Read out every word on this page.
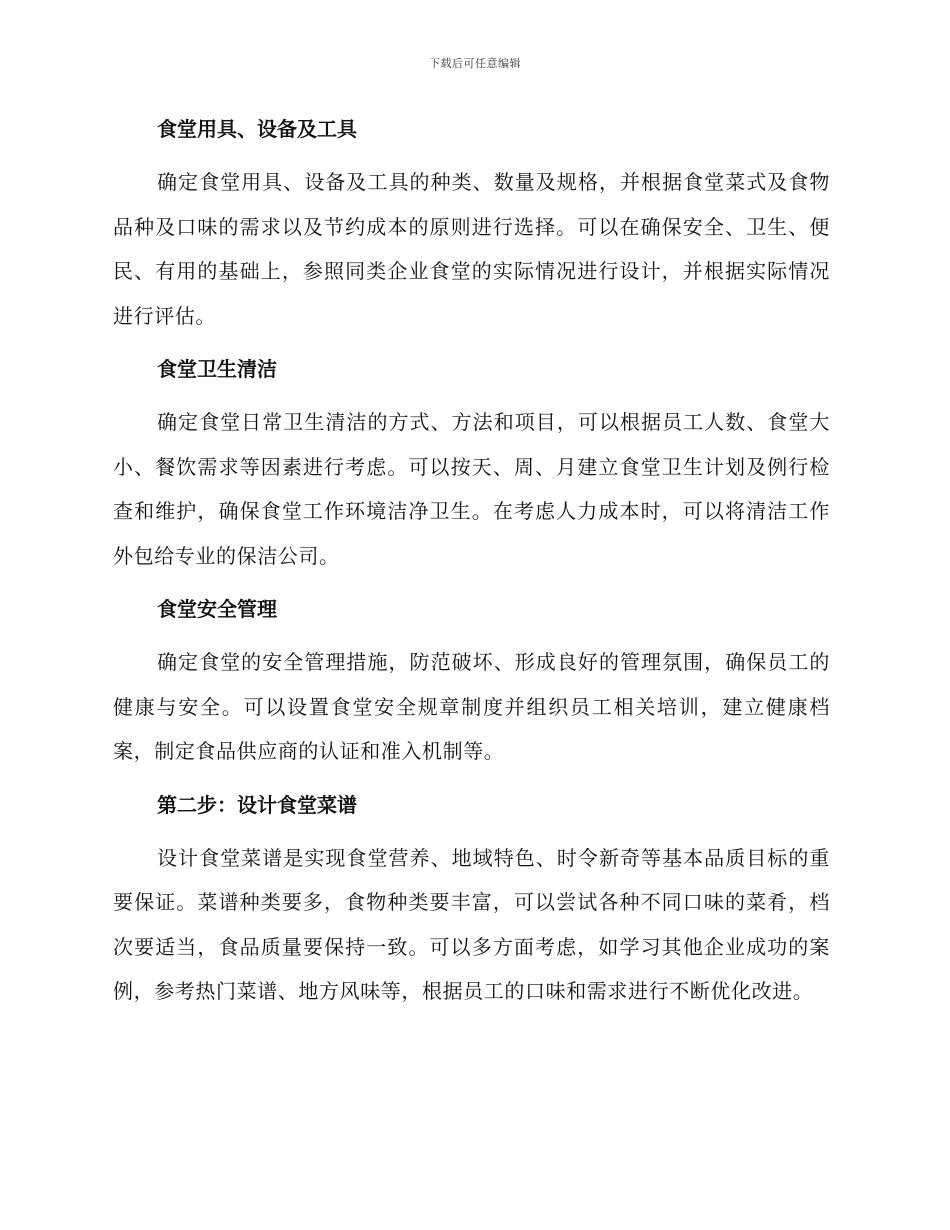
下载后可任意编辑
食堂用具、设备及工具

确定食堂用具、设备及工具的种类、数量及规格，并根据食堂菜式及食物品种及口味的需求以及节约成本的原则进行选择。可以在确保安全、卫生、便民、有用的基础上，参照同类企业食堂的实际情况进行设计，并根据实际情况进行评估。

食堂卫生清洁

确定食堂日常卫生清洁的方式、方法和项目，可以根据员工人数、食堂大小、餐饮需求等因素进行考虑。可以按天、周、月建立食堂卫生计划及例行检查和维护，确保食堂工作环境洁净卫生。在考虑人力成本时，可以将清洁工作外包给专业的保洁公司。

食堂安全管理

确定食堂的安全管理措施，防范破坏、形成良好的管理氛围，确保员工的健康与安全。可以设置食堂安全规章制度并组织员工相关培训，建立健康档案，制定食品供应商的认证和准入机制等。

第二步：设计食堂菜谱

设计食堂菜谱是实现食堂营养、地域特色、时令新奇等基本品质目标的重要保证。菜谱种类要多，食物种类要丰富，可以尝试各种不同口味的菜肴，档次要适当，食品质量要保持一致。可以多方面考虑，如学习其他企业成功的案例，参考热门菜谱、地方风味等，根据员工的口味和需求进行不断优化改进。
